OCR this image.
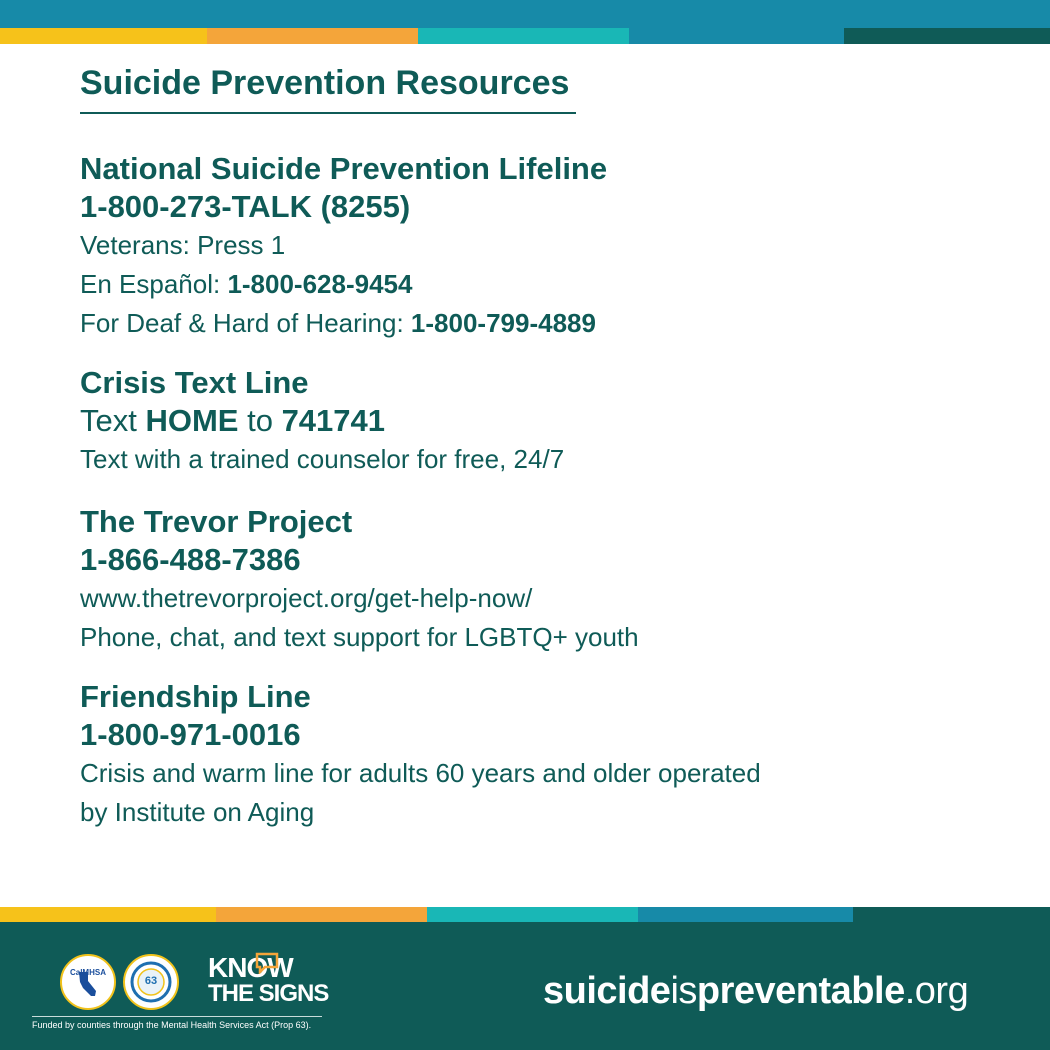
Suicide Prevention Resources
National Suicide Prevention Lifeline
1-800-273-TALK (8255)
Veterans: Press 1
En Español: 1-800-628-9454
For Deaf & Hard of Hearing: 1-800-799-4889
Crisis Text Line
Text HOME to 741741
Text with a trained counselor for free, 24/7
The Trevor Project
1-866-488-7386
www.thetrevorproject.org/get-help-now/
Phone, chat, and text support for LGBTQ+ youth
Friendship Line
1-800-971-0016
Crisis and warm line for adults 60 years and older operated
by Institute on Aging
CalMHSA
63	KNOW
THE SIGNS
Funded by counties through the Mental Health Services Act (Prop 63).
suicideispreventable.org
